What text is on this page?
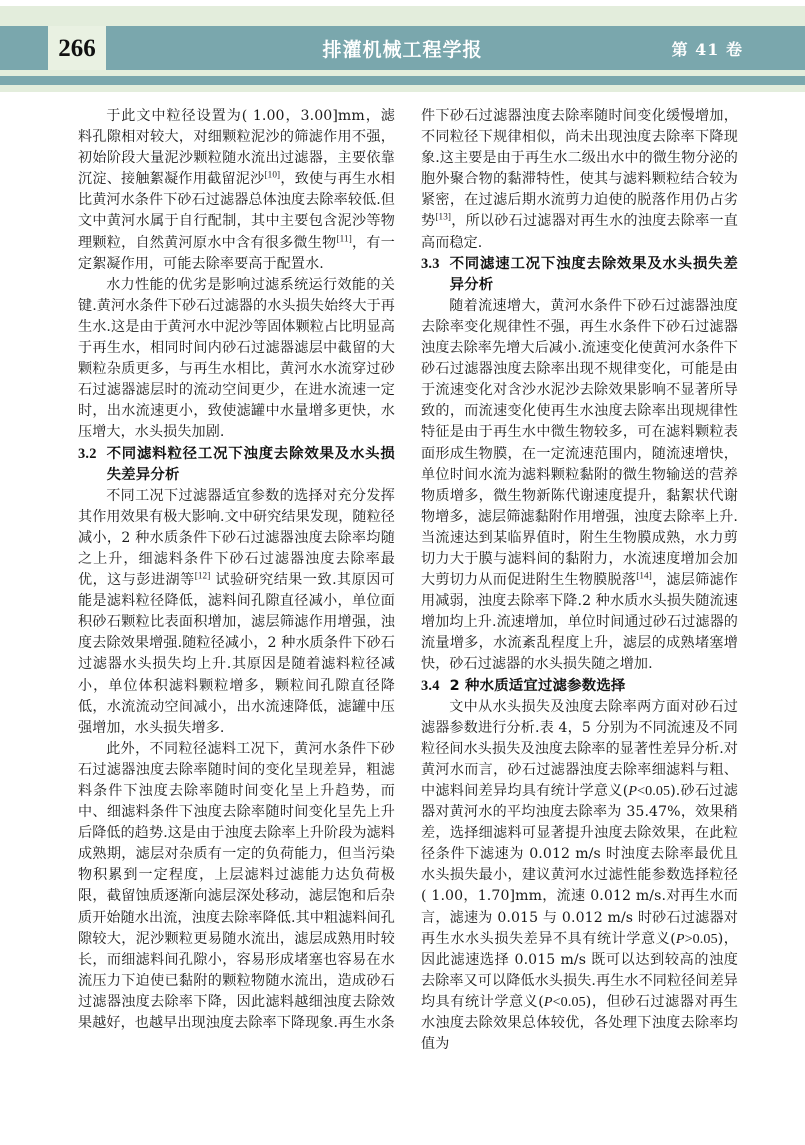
排灌机械工程学报	第 41 卷
266

于此文中粒径设置为( 1.00，3.00]mm，滤料孔隙相对较大，对细颗粒泥沙的筛滤作用不强，初始阶段大量泥沙颗粒随水流出过滤器，主要依靠沉淀、接触絮凝作用截留泥沙[10]，致使与再生水相比黄河水条件下砂石过滤器总体浊度去除率较低.但文中黄河水属于自行配制，其中主要包含泥沙等物理颗粒，自然黄河原水中含有很多微生物[11]，有一定絮凝作用，可能去除率要高于配置水.

水力性能的优劣是影响过滤系统运行效能的关键.黄河水条件下砂石过滤器的水头损失始终大于再生水.这是由于黄河水中泥沙等固体颗粒占比明显高于再生水，相同时间内砂石过滤器滤层中截留的大颗粒杂质更多，与再生水相比，黄河水水流穿过砂石过滤器滤层时的流动空间更少，在进水流速一定时，出水流速更小，致使滤罐中水量增多更快，水压增大，水头损失加剧.

3.2 不同滤料粒径工况下浊度去除效果及水头损失差异分析

不同工况下过滤器适宜参数的选择对充分发挥其作用效果有极大影响.文中研究结果发现，随粒径减小，2 种水质条件下砂石过滤器浊度去除率均随之上升，细滤料条件下砂石过滤器浊度去除率最优，这与彭进湖等[12] 试验研究结果一致.其原因可能是滤料粒径降低，滤料间孔隙直径减小，单位面积砂石颗粒比表面积增加，滤层筛滤作用增强，浊度去除效果增强.随粒径减小，2 种水质条件下砂石过滤器水头损失均上升.其原因是随着滤料粒径减小，单位体积滤料颗粒增多，颗粒间孔隙直径降低，水流流动空间减小，出水流速降低，滤罐中压强增加，水头损失增多.

此外，不同粒径滤料工况下，黄河水条件下砂石过滤器浊度去除率随时间的变化呈现差异，粗滤料条件下浊度去除率随时间变化呈上升趋势，而中、细滤料条件下浊度去除率随时间变化呈先上升后降低的趋势.这是由于浊度去除率上升阶段为滤料成熟期，滤层对杂质有一定的负荷能力，但当污染物积累到一定程度，上层滤料过滤能力达负荷极限，截留蚀质逐渐向滤层深处移动，滤层饱和后杂质开始随水出流，浊度去除率降低.其中粗滤料间孔隙较大，泥沙颗粒更易随水流出，滤层成熟用时较长，而细滤料间孔隙小，容易形成堵塞也容易在水流压力下迫使已黏附的颗粒物随水流出，造成砂石过滤器浊度去除率下降，因此滤料越细浊度去除效果越好，也越早出现浊度去除率下降现象.再生水条

件下砂石过滤器浊度去除率随时间变化缓慢增加，不同粒径下规律相似，尚未出现浊度去除率下降现象.这主要是由于再生水二级出水中的微生物分泌的胞外聚合物的黏滞特性，使其与滤料颗粒结合较为紧密，在过滤后期水流剪力迫使的脱落作用仍占劣势[13]，所以砂石过滤器对再生水的浊度去除率一直高而稳定.

3.3 不同滤速工况下浊度去除效果及水头损失差异分析

随着流速增大，黄河水条件下砂石过滤器浊度去除率变化规律性不强，再生水条件下砂石过滤器浊度去除率先增大后减小.流速变化使黄河水条件下砂石过滤器浊度去除率出现不规律变化，可能是由于流速变化对含沙水泥沙去除效果影响不显著所导致的，而流速变化使再生水浊度去除率出现规律性特征是由于再生水中微生物较多，可在滤料颗粒表面形成生物膜，在一定流速范围内，随流速增快，单位时间水流为滤料颗粒黏附的微生物输送的营养物质增多，微生物新陈代谢速度提升，黏絮状代谢物增多，滤层筛滤黏附作用增强，浊度去除率上升.当流速达到某临界值时，附生生物膜成熟，水力剪切力大于膜与滤料间的黏附力，水流速度增加会加大剪切力从而促进附生生物膜脱落[14]，滤层筛滤作用减弱，浊度去除率下降.2 种水质水头损失随流速增加均上升.流速增加，单位时间通过砂石过滤器的流量增多，水流紊乱程度上升，滤层的成熟堵塞增快，砂石过滤器的水头损失随之增加.

3.4 2 种水质适宜过滤参数选择

文中从水头损失及浊度去除率两方面对砂石过滤器参数进行分析.表 4，5 分别为不同流速及不同粒径间水头损失及浊度去除率的显著性差异分析.对黄河水而言，砂石过滤器浊度去除率细滤料与粗、中滤料间差异均具有统计学意义(P<0.05).砂石过滤器对黄河水的平均浊度去除率为 35.47%，效果稍差，选择细滤料可显著提升浊度去除效果，在此粒径条件下滤速为 0.012 m/s 时浊度去除率最优且水头损失最小，建议黄河水过滤性能参数选择粒径( 1.00，1.70]mm，流速 0.012 m/s.对再生水而言，滤速为 0.015 与 0.012 m/s 时砂石过滤器对再生水水头损失差异不具有统计学意义(P>0.05)，因此滤速选择 0.015 m/s 既可以达到较高的浊度去除率又可以降低水头损失.再生水不同粒径间差异均具有统计学意义(P<0.05)，但砂石过滤器对再生水浊度去除效果总体较优，各处理下浊度去除率均值为
